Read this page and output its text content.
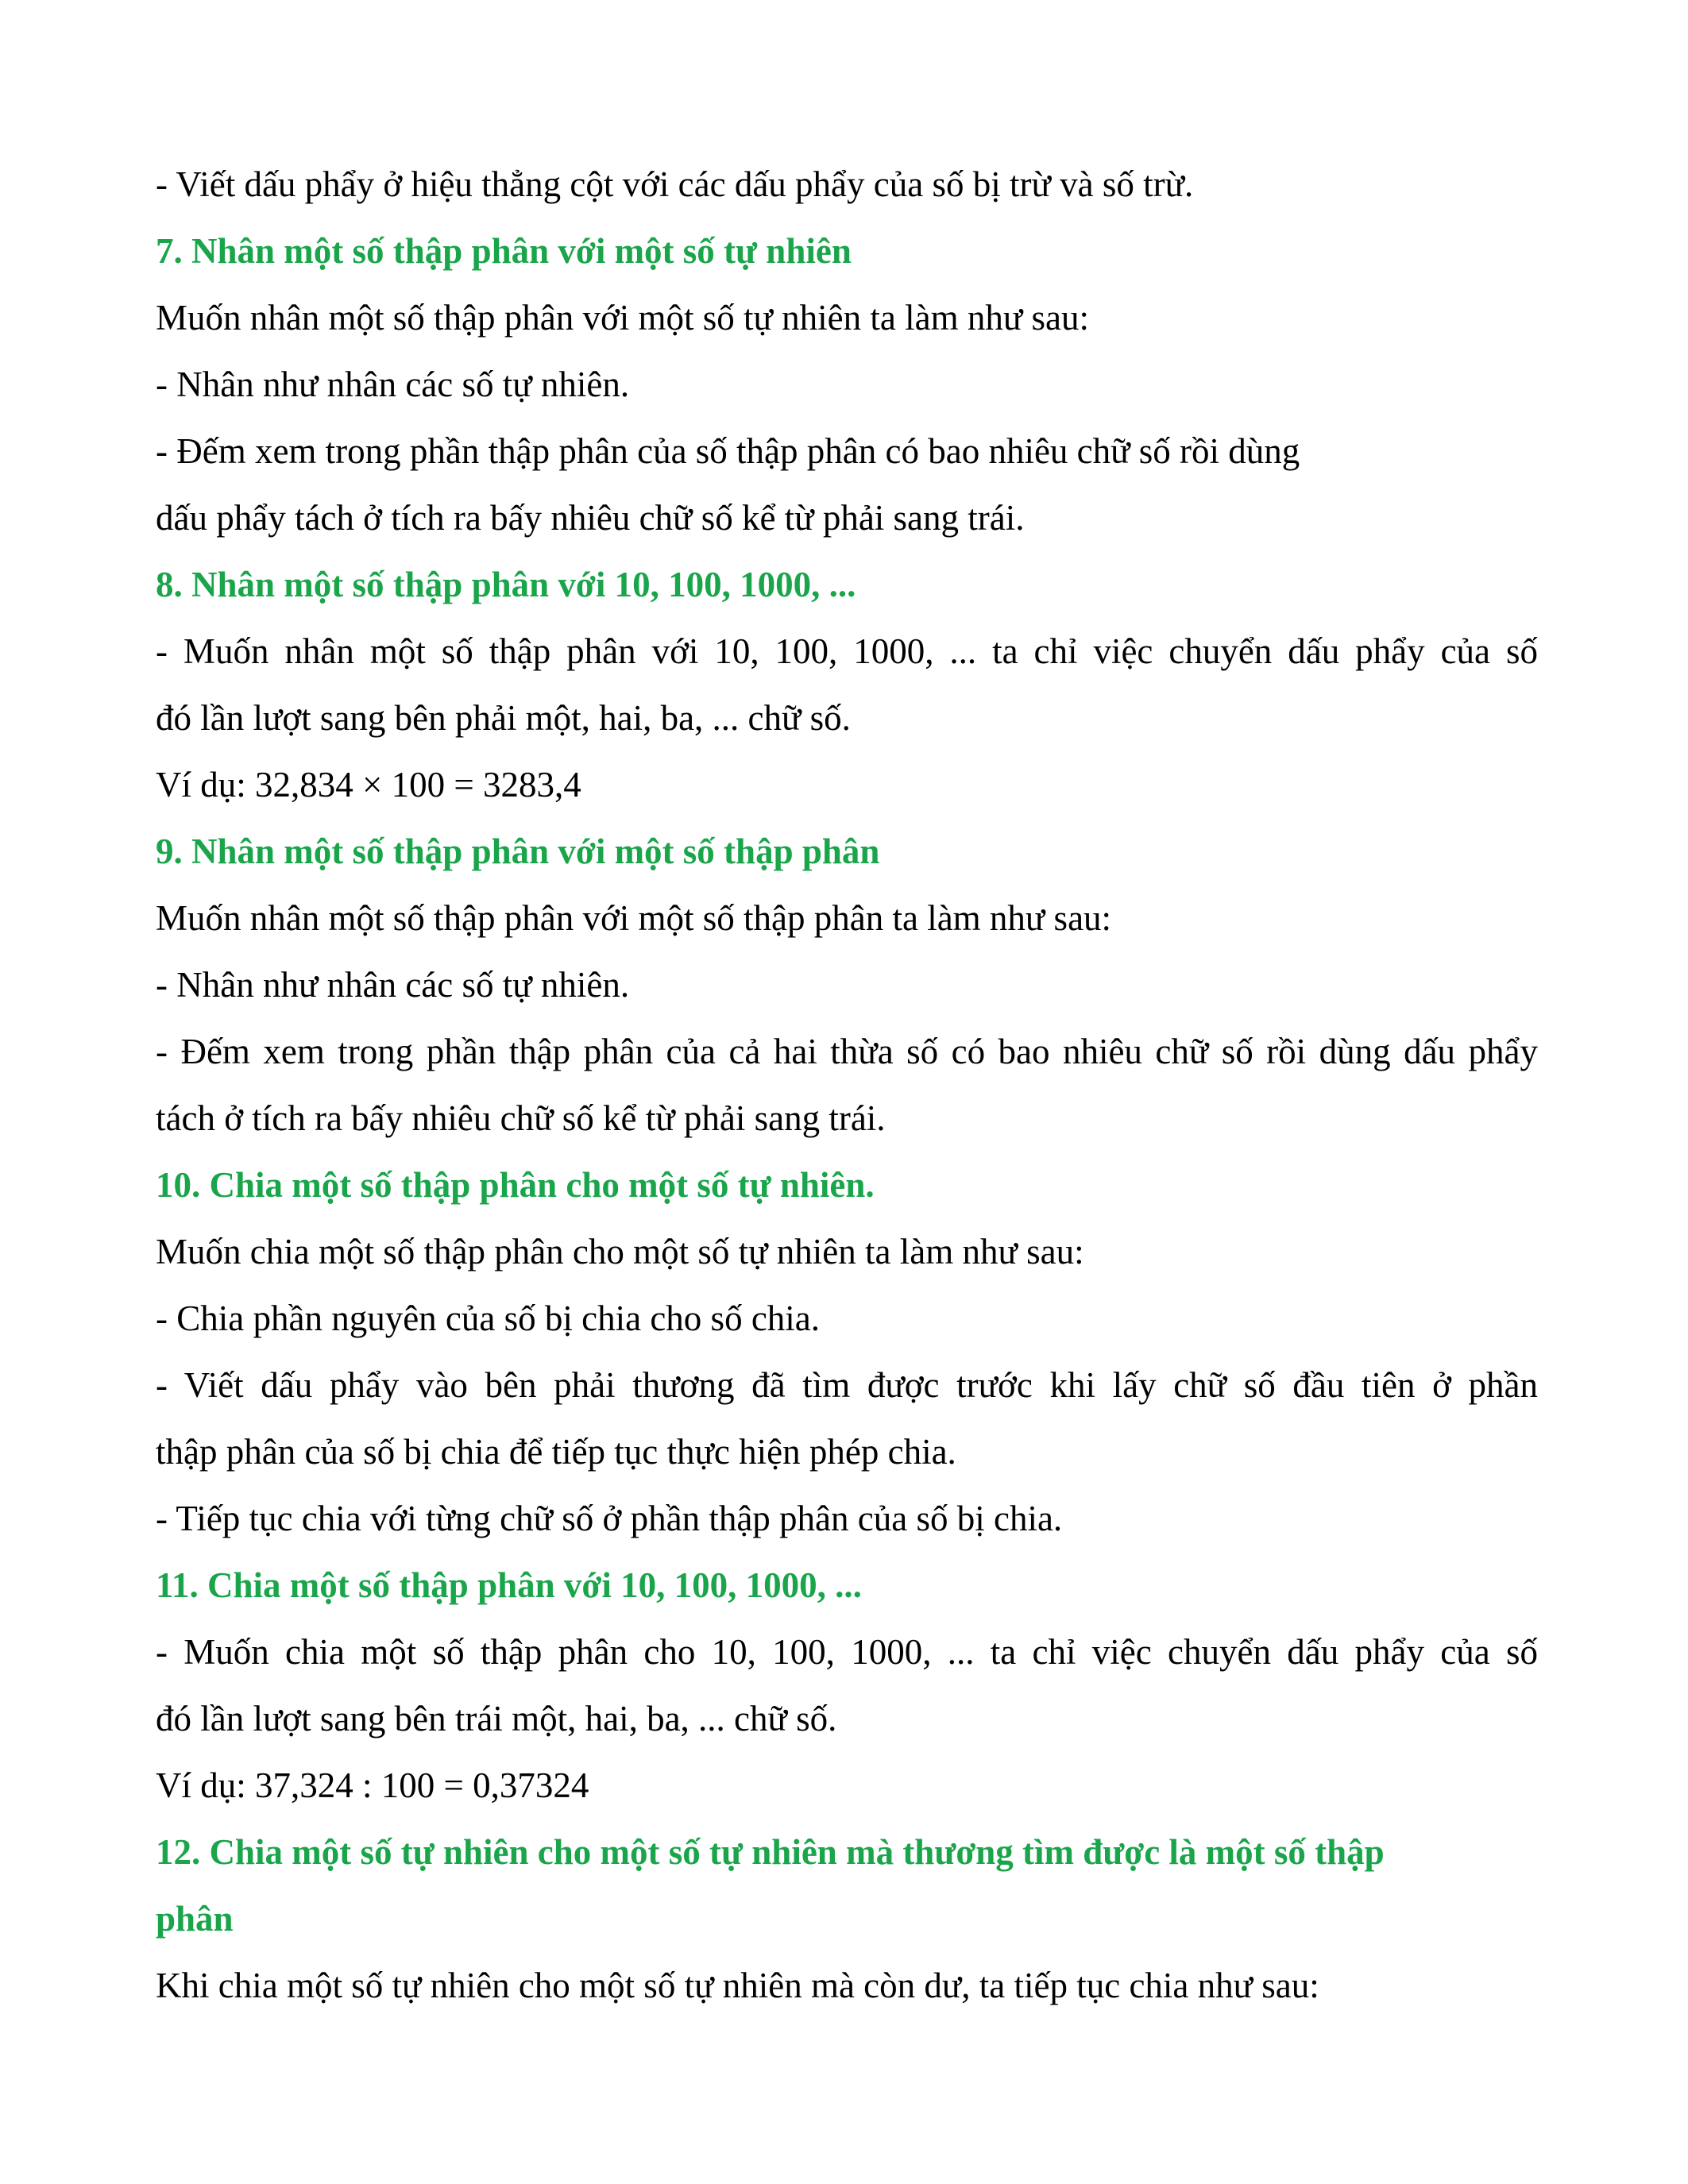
- Viết dấu phẩy ở hiệu thẳng cột với các dấu phẩy của số bị trừ và số trừ.
7. Nhân một số thập phân với một số tự nhiên
Muốn nhân một số thập phân với một số tự nhiên ta làm như sau:
- Nhân như nhân các số tự nhiên.
- Đếm xem trong phần thập phân của số thập phân có bao nhiêu chữ số rồi dùng
dấu phẩy tách ở tích ra bấy nhiêu chữ số kể từ phải sang trái.
8. Nhân một số thập phân với 10, 100, 1000, ...
- Muốn nhân một số thập phân với 10, 100, 1000, ... ta chỉ việc chuyển dấu phẩy của số
đó lần lượt sang bên phải một, hai, ba, ... chữ số.
Ví dụ: 32,834 × 100 = 3283,4
9. Nhân một số thập phân với một số thập phân
Muốn nhân một số thập phân với một số thập phân ta làm như sau:
- Nhân như nhân các số tự nhiên.
- Đếm xem trong phần thập phân của cả hai thừa số có bao nhiêu chữ số rồi dùng dấu phẩy
tách ở tích ra bấy nhiêu chữ số kể từ phải sang trái.
10. Chia một số thập phân cho một số tự nhiên.
Muốn chia một số thập phân cho một số tự nhiên ta làm như sau:
- Chia phần nguyên của số bị chia cho số chia.
- Viết dấu phẩy vào bên phải thương đã tìm được trước khi lấy chữ số đầu tiên ở phần
thập phân của số bị chia để tiếp tục thực hiện phép chia.
- Tiếp tục chia với từng chữ số ở phần thập phân của số bị chia.
11. Chia một số thập phân với 10, 100, 1000, ...
- Muốn chia một số thập phân cho 10, 100, 1000, ... ta chỉ việc chuyển dấu phẩy của số
đó lần lượt sang bên trái một, hai, ba, ... chữ số.
Ví dụ: 37,324 : 100 = 0,37324
12. Chia một số tự nhiên cho một số tự nhiên mà thương tìm được là một số thập
phân
Khi chia một số tự nhiên cho một số tự nhiên mà còn dư, ta tiếp tục chia như sau:
